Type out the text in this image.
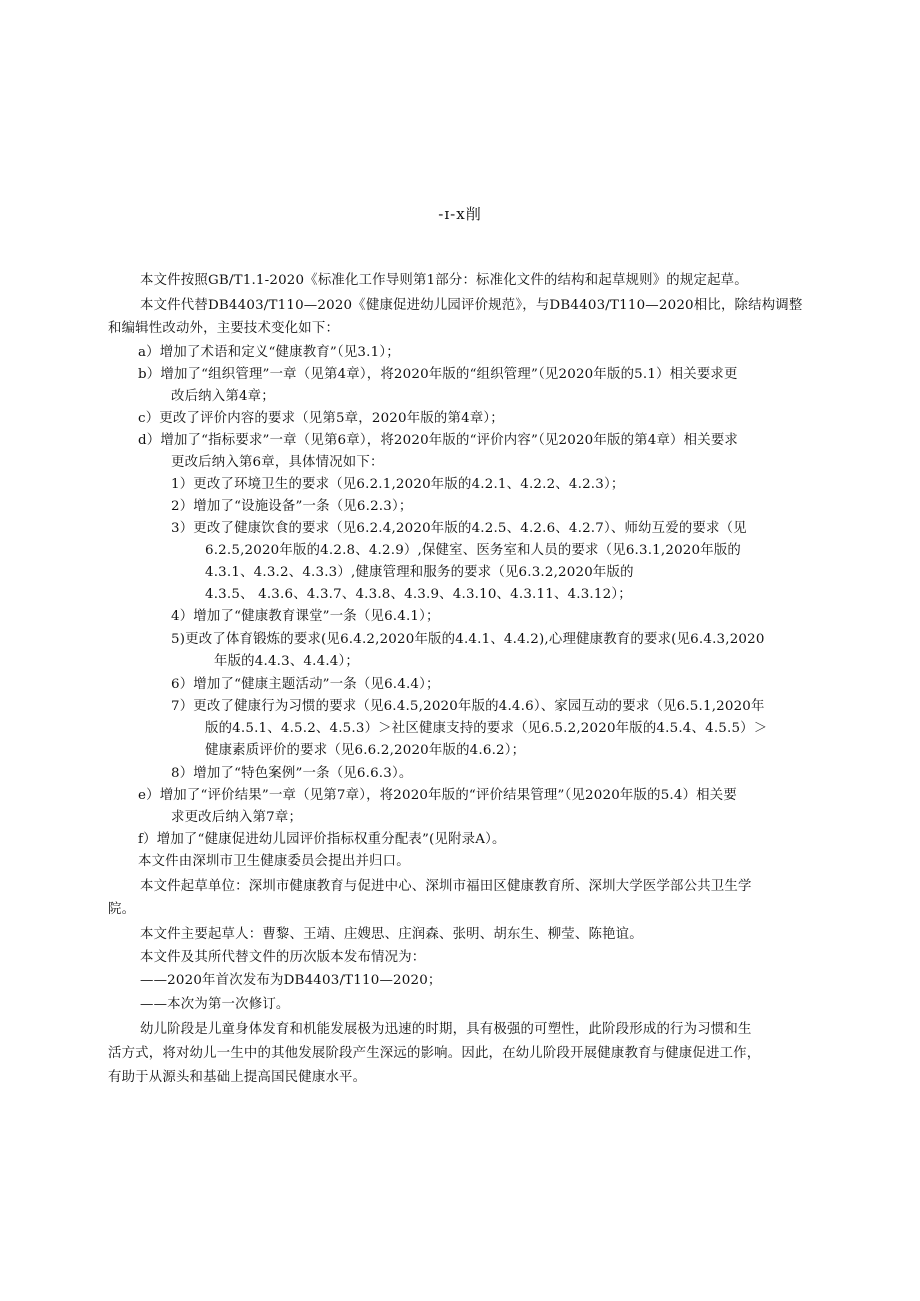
-ɪ-x削
本文件按照GB/T1.1-2020《标准化工作导则第1部分：标准化文件的结构和起草规则》的规定起草。
本文件代替DB4403/T110—2020《健康促进幼儿园评价规范》，与DB4403/T110—2020相比，除结构调整
和编辑性改动外，主要技术变化如下：
a）增加了术语和定义“健康教育”（见3.1）；
b）增加了“组织管理”一章（见第4章），将2020年版的“组织管理”（见2020年版的5.1）相关要求更
改后纳入第4章；
c）更改了评价内容的要求（见第5章，2020年版的第4章）；
d）增加了“指标要求”一章（见第6章），将2020年版的“评价内容”（见2020年版的第4章）相关要求
更改后纳入第6章，具体情况如下：
1）更改了环境卫生的要求（见6.2.1,2020年版的4.2.1、4.2.2、4.2.3）；
2）增加了“设施设备”一条（见6.2.3）；
3）更改了健康饮食的要求（见6.2.4,2020年版的4.2.5、4.2.6、4.2.7）、师幼互爱的要求（见
6.2.5,2020年版的4.2.8、4.2.9）,保健室、医务室和人员的要求（见6.3.1,2020年版的
4.3.1、4.3.2、4.3.3）,健康管理和服务的要求（见6.3.2,2020年版的
4.3.5、 4.3.6、4.3.7、4.3.8、4.3.9、4.3.10、4.3.11、4.3.12）；
4）增加了“健康教育课堂”一条（见6.4.1）；
5)更改了体育锻炼的要求(见6.4.2,2020年版的4.4.1、4.4.2),心理健康教育的要求(见6.4.3,2020
年版的4.4.3、4.4.4）；
6）增加了“健康主题活动”一条（见6.4.4）；
7）更改了健康行为习惯的要求（见6.4.5,2020年版的4.4.6）、家园互动的要求（见6.5.1,2020年
版的4.5.1、4.5.2、4.5.3）＞社区健康支持的要求（见6.5.2,2020年版的4.5.4、4.5.5）＞
健康素质评价的要求（见6.6.2,2020年版的4.6.2）；
8）增加了“特色案例”一条（见6.6.3）。
e）增加了“评价结果”一章（见第7章），将2020年版的“评价结果管理”（见2020年版的5.4）相关要
求更改后纳入第7章；
f）增加了“健康促进幼儿园评价指标权重分配表”(见附录A）。
本文件由深圳市卫生健康委员会提出并归口。
本文件起草单位：深圳市健康教育与促进中心、深圳市福田区健康教育所、深圳大学医学部公共卫生学
院。
本文件主要起草人：曹黎、王靖、庄嫂思、庄润森、张明、胡东生、柳莹、陈艳谊。
本文件及其所代替文件的历次版本发布情况为：
——2020年首次发布为DB4403/T110—2020；
——本次为第一次修订。
幼儿阶段是儿童身体发育和机能发展极为迅速的时期，具有极强的可塑性，此阶段形成的行为习惯和生
活方式，将对幼儿一生中的其他发展阶段产生深远的影响。因此，在幼儿阶段开展健康教育与健康促进工作，
有助于从源头和基础上提高国民健康水平。
